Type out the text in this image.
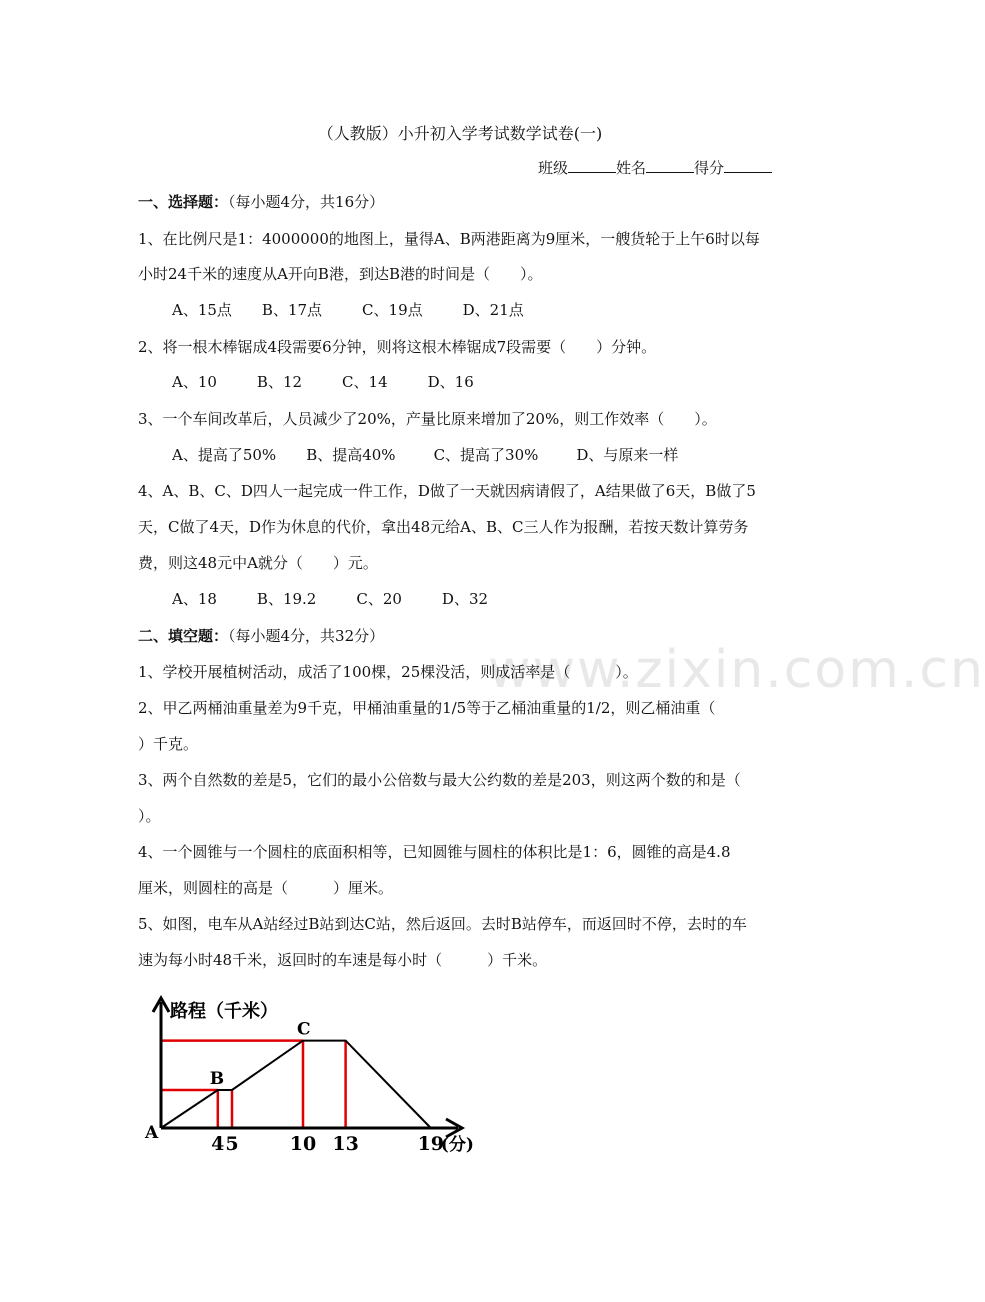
www.zixin.com.cn
（人教版）小升初入学考试数学试卷(一)
班级	姓名	得分
一、选择题：（每小题4分，共16分）
1、在比例尺是1：4000000的地图上，量得A、B两港距离为9厘米，一艘货轮于上午6时以每
小时24千米的速度从A开向B港，到达B港的时间是（　　）。
A、15点 B、17点	C、19点	D、21点
2、将一根木棒锯成4段需要6分钟，则将这根木棒锯成7段需要（　　）分钟。
A、10	B、12	C、14	D、16
3、一个车间改革后，人员减少了20%，产量比原来增加了20%，则工作效率（　　）。
A、提高了50% B、提高40%	C、提高了30%	D、与原来一样
4、A、B、C、D四人一起完成一件工作，D做了一天就因病请假了，A结果做了6天，B做了5
天，C做了4天，D作为休息的代价，拿出48元给A、B、C三人作为报酬，若按天数计算劳务
费，则这48元中A就分（　　）元。
A、18	B、19.2	C、20	D、32
二、填空题：（每小题4分，共32分）
1、学校开展植树活动，成活了100棵，25棵没活，则成活率是（　　　）。
2、甲乙两桶油重量差为9千克，甲桶油重量的1/5等于乙桶油重量的1/2，则乙桶油重（
）千克。
3、两个自然数的差是5，它们的最小公倍数与最大公约数的差是203，则这两个数的和是（
）。
4、一个圆锥与一个圆柱的底面积相等，已知圆锥与圆柱的体积比是1：6，圆锥的高是4.8
厘米，则圆柱的高是（　　　）厘米。
5、如图，电车从A站经过B站到达C站，然后返回。去时B站停车，而返回时不停，去时的车
速为每小时48千米，返回时的车速是每小时（　　　）千米。
A
B
C
4 5	10 13	19
(分)
路程（千米）
